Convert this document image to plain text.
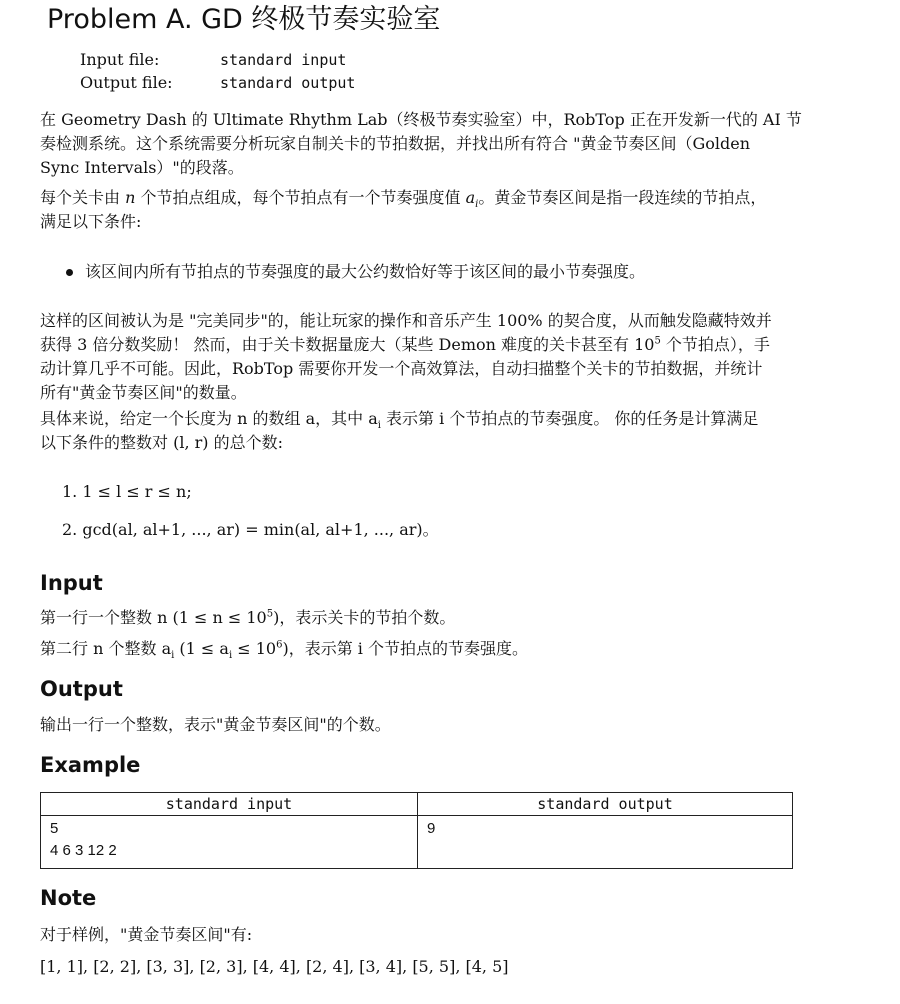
Problem A. GD 终极节奏实验室
Input file:	standard input
Output file:	standard output
在 Geometry Dash 的 Ultimate Rhythm Lab（终极节奏实验室）中，RobTop 正在开发新一代的 AI 节
奏检测系统。这个系统需要分析玩家自制关卡的节拍数据，并找出所有符合 "黄金节奏区间（Golden
Sync Intervals）"的段落。
每个关卡由 n 个节拍点组成，每个节拍点有一个节奏强度值 $a_i$。黄金节奏区间是指一段连续的节拍点，
满足以下条件:
该区间内所有节拍点的节奏强度的最大公约数恰好等于该区间的最小节奏强度。
这样的区间被认为是 "完美同步"的，能让玩家的操作和音乐产生 100% 的契合度，从而触发隐藏特效并
获得 3 倍分数奖励！ 然而，由于关卡数据量庞大（某些 Demon 难度的关卡甚至有 $10^5$ 个节拍点），手
动计算几乎不可能。因此，RobTop 需要你开发一个高效算法，自动扫描整个关卡的节拍数据，并统计
所有"黄金节奏区间"的数量。
具体来说，给定一个长度为 n 的数组 a，其中 $a_i$ 表示第 i 个节拍点的节奏强度。 你的任务是计算满足
以下条件的整数对 (l, r) 的总个数:
1. 1 ≤ l ≤ r ≤ n;
2. gcd(al, al+1, ..., ar) = min(al, al+1, ..., ar)。
Input
第一行一个整数 n $(1 \le n \le 10^5)$，表示关卡的节拍个数。
第二行 n 个整数 $a_i$ $(1 \le a_i \le 10^6)$，表示第 i 个节拍点的节奏强度。
Output
输出一行一个整数，表示"黄金节奏区间"的个数。
Example
standard input
5
4 6 3 12 2
standard output
9
Note
对于样例，"黄金节奏区间"有:
[1, 1], [2, 2], [3, 3], [2, 3], [4, 4], [2, 4], [3, 4], [5, 5], [4, 5]
